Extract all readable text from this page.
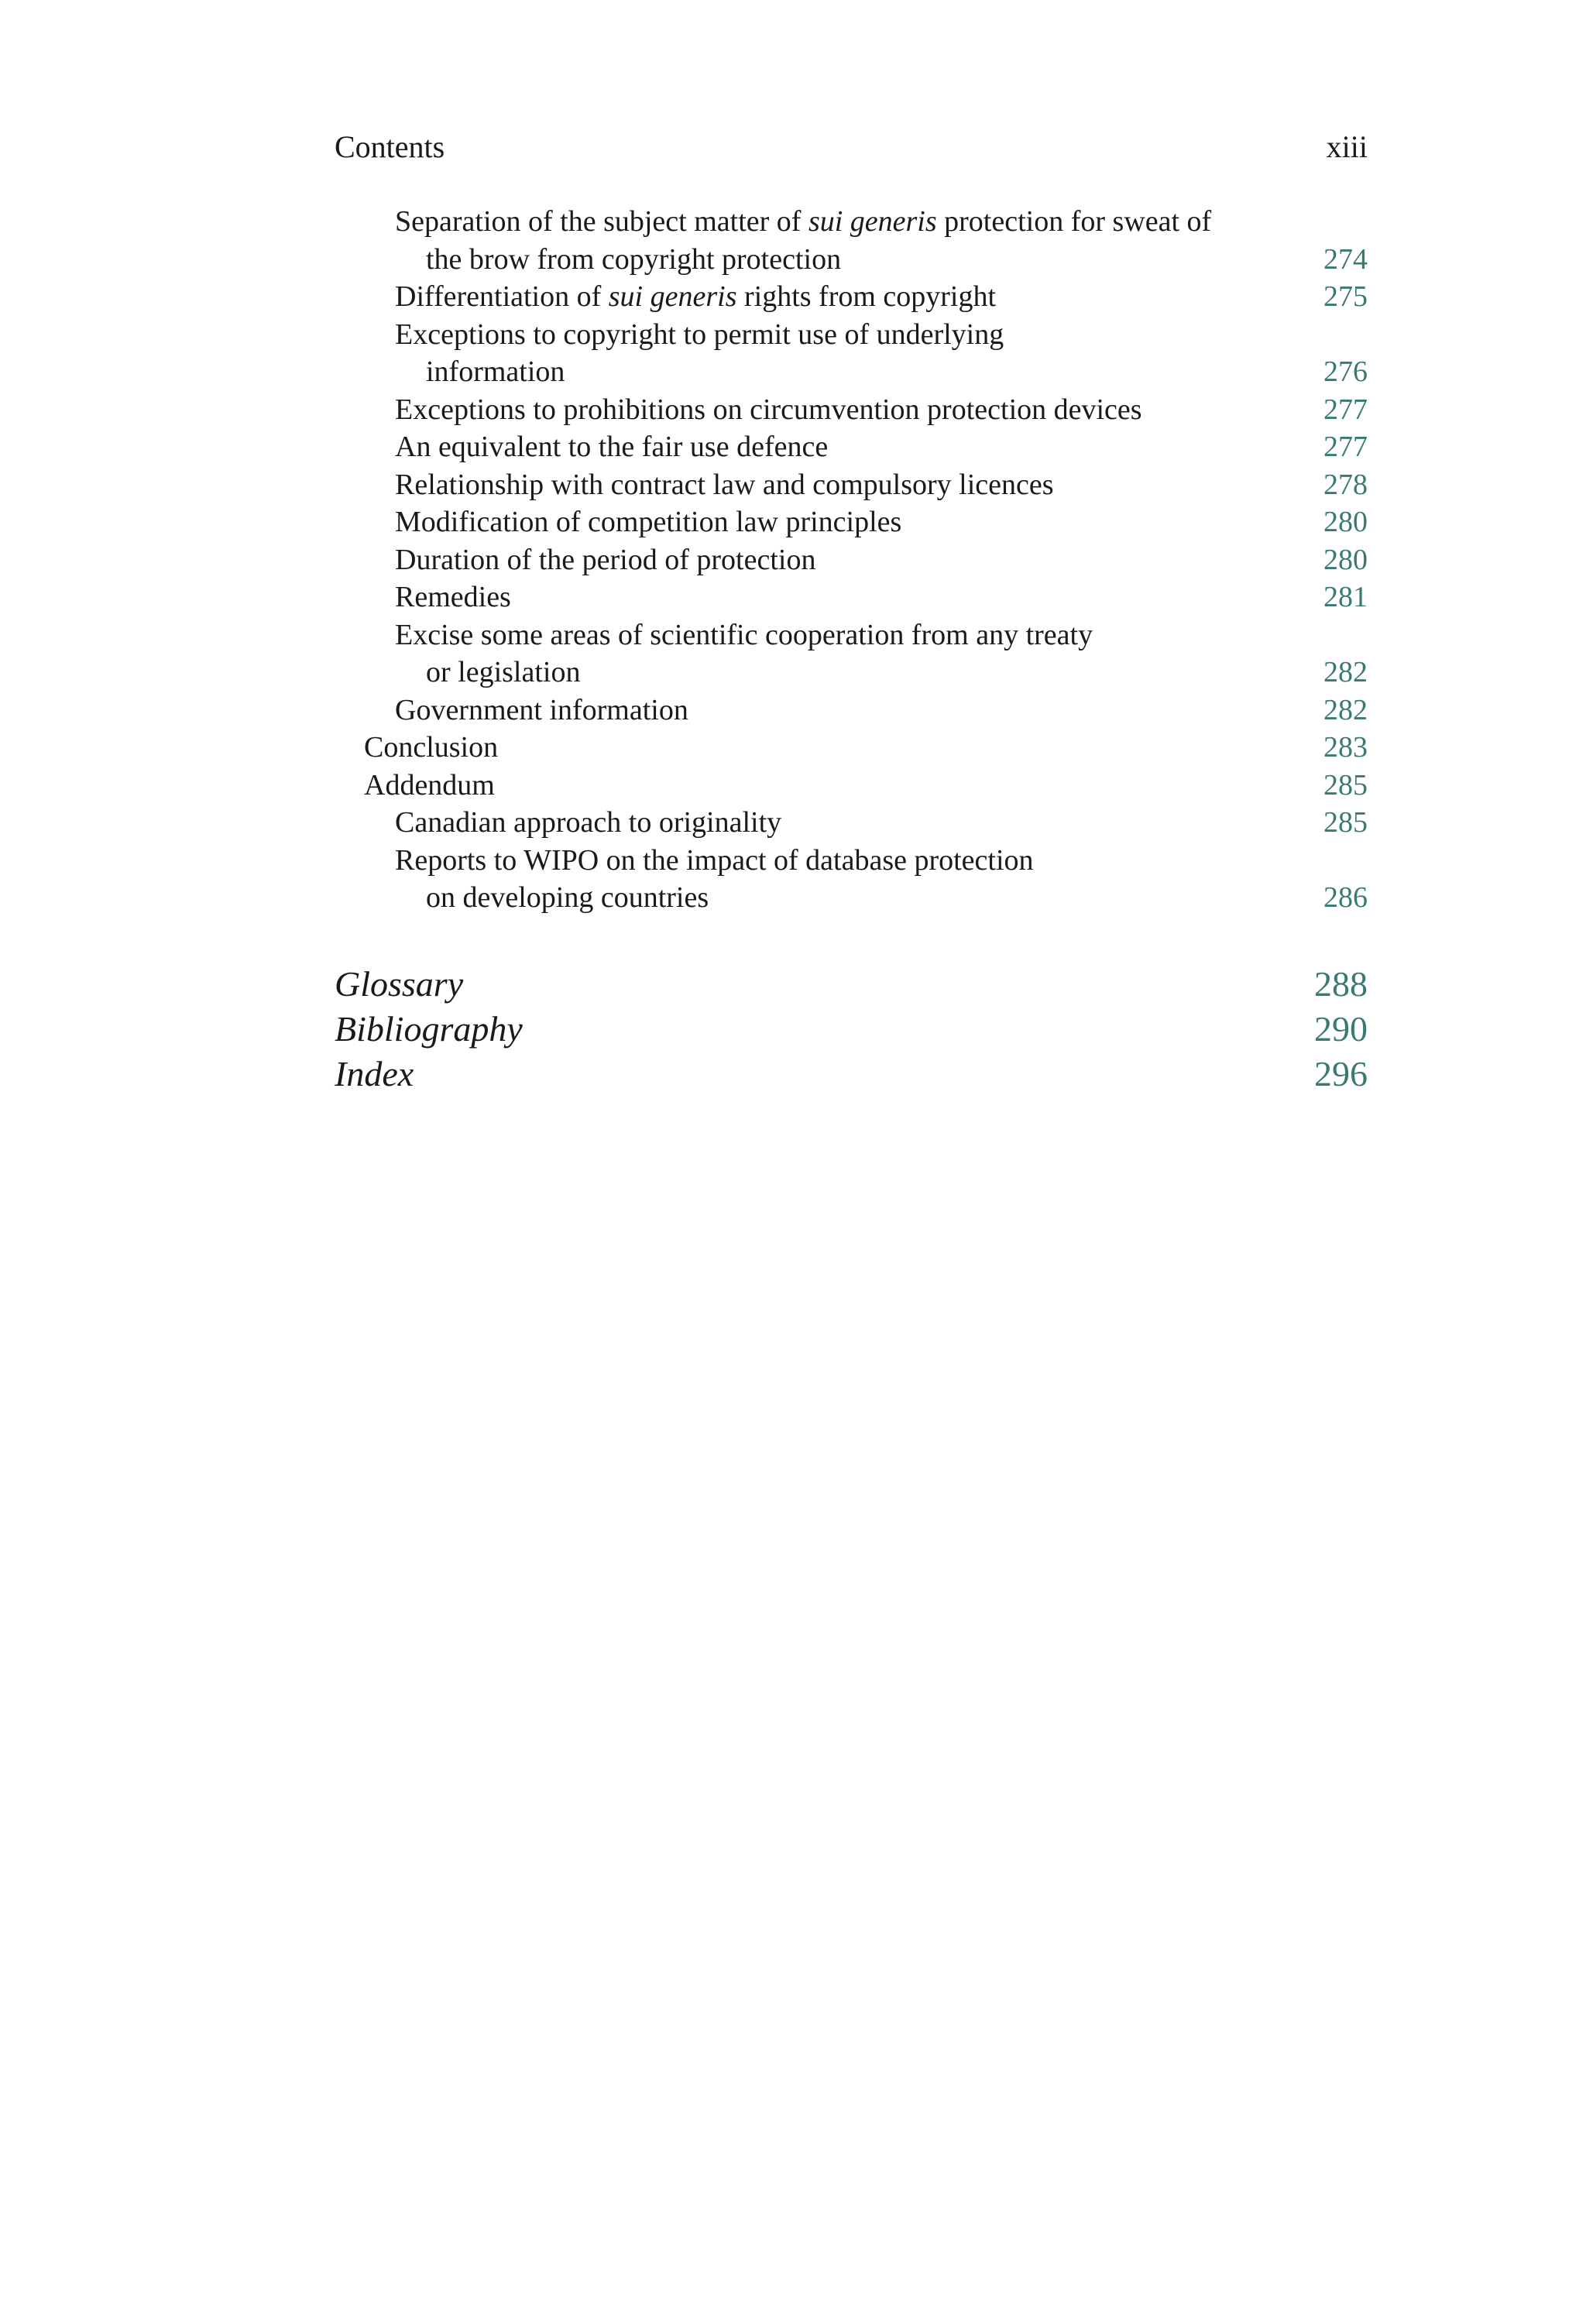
Contents	xiii
Separation of the subject matter of sui generis protection for sweat of
the brow from copyright protection	274
Differentiation of sui generis rights from copyright	275
Exceptions to copyright to permit use of underlying
information	276
Exceptions to prohibitions on circumvention protection devices	277
An equivalent to the fair use defence	277
Relationship with contract law and compulsory licences	278
Modification of competition law principles	280
Duration of the period of protection	280
Remedies	281
Excise some areas of scientific cooperation from any treaty
or legislation	282
Government information	282
Conclusion	283
Addendum	285
Canadian approach to originality	285
Reports to WIPO on the impact of database protection
on developing countries	286
Glossary	288
Bibliography	290
Index	296
